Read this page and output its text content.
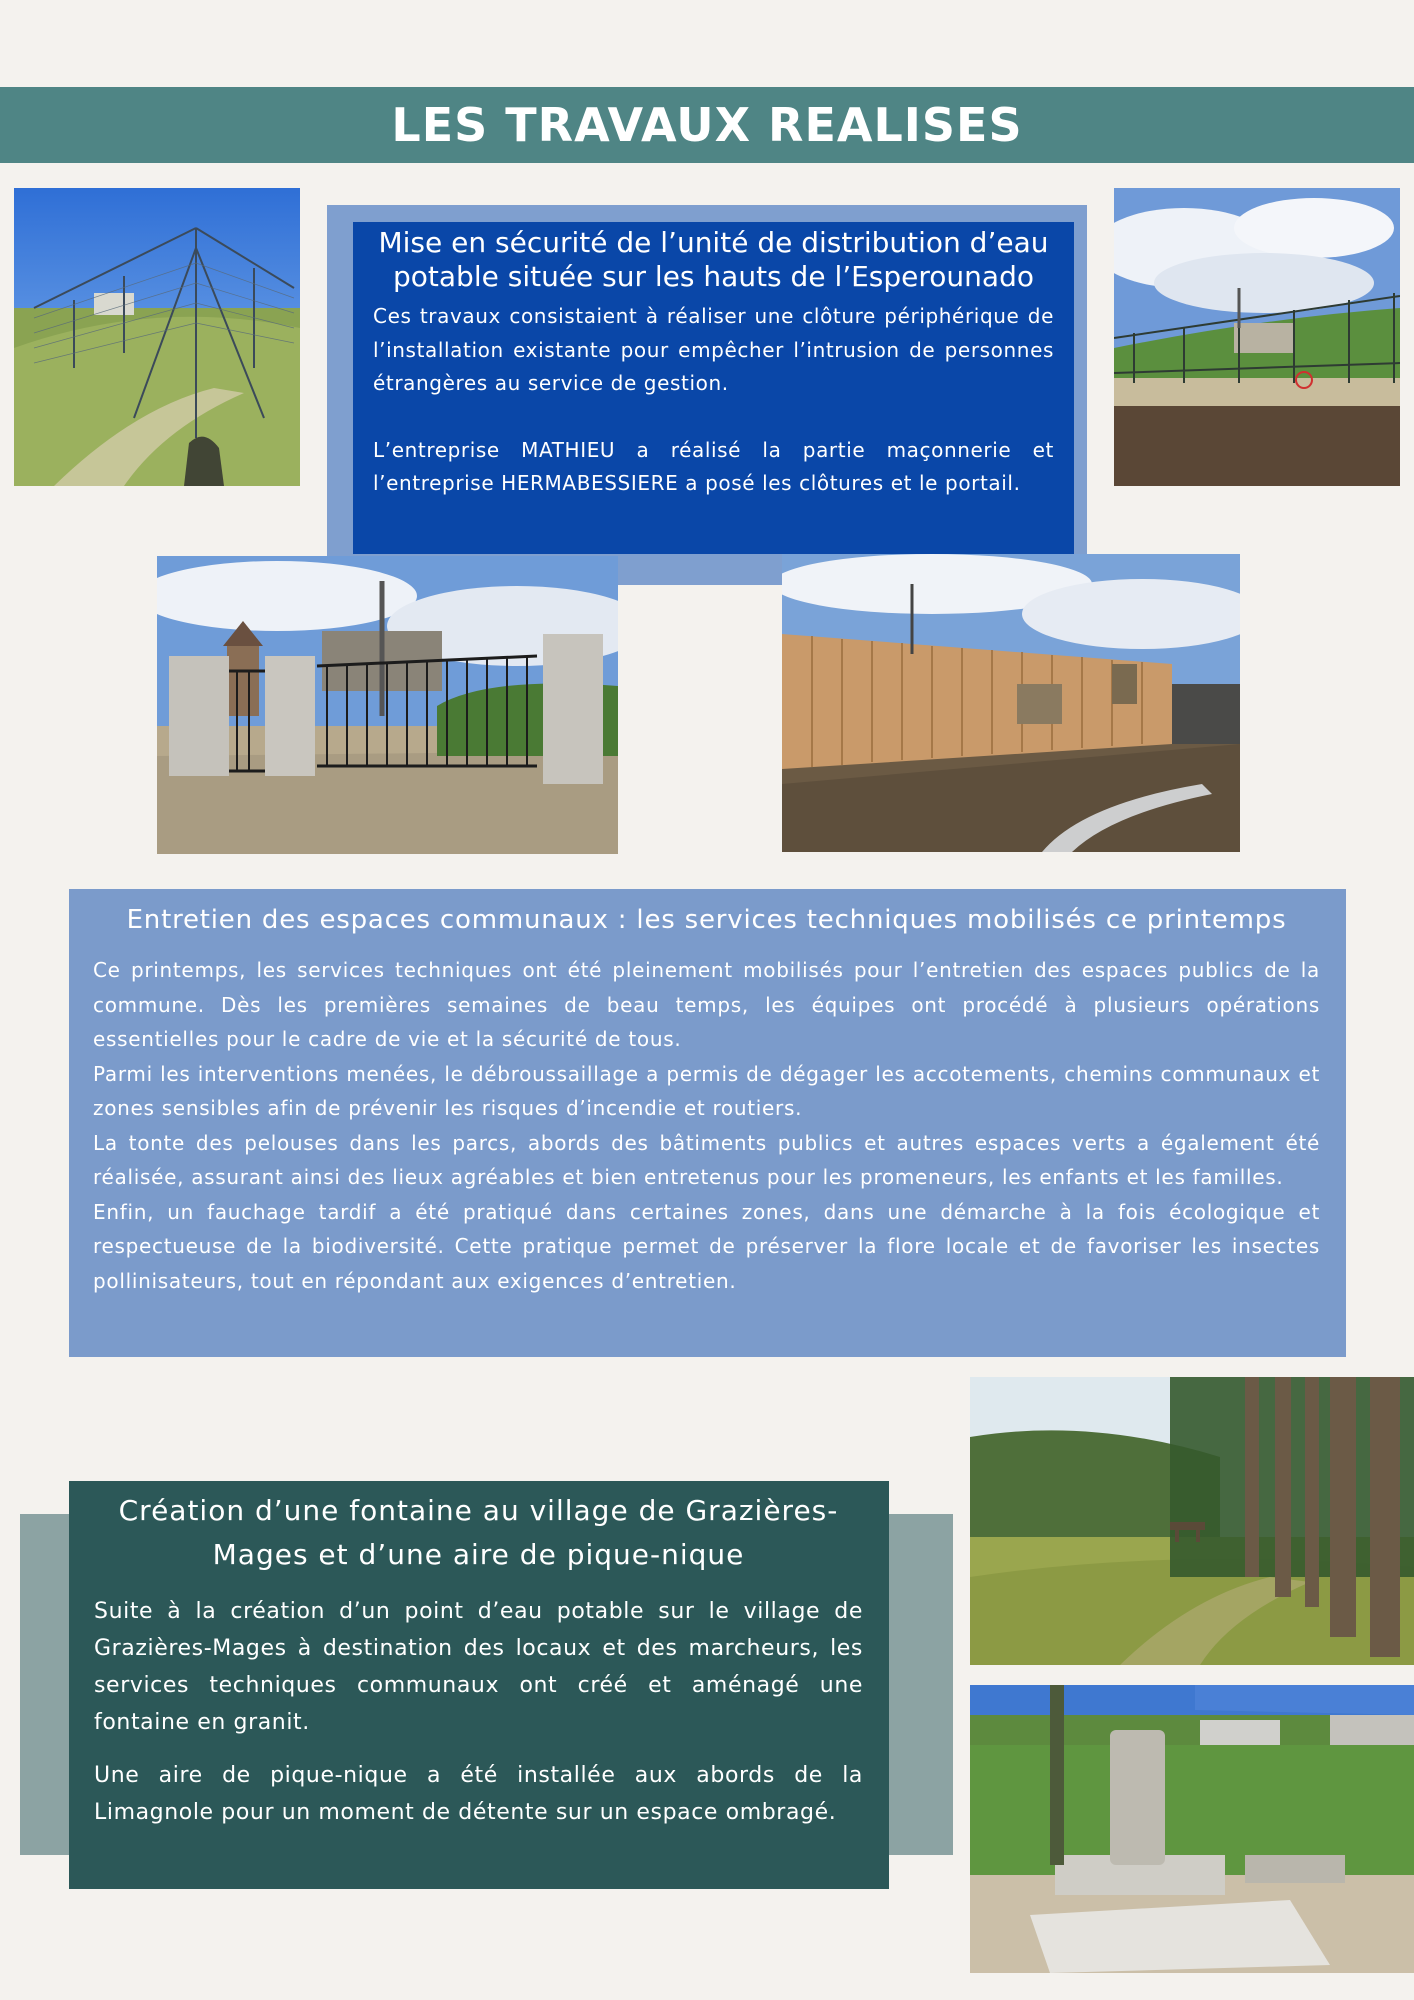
LES TRAVAUX REALISES
Mise en sécurité de l’unité de distribution d’eau potable située sur les hauts de l’Esperounado

Ces travaux consistaient à réaliser une clôture périphérique de l’installation existante pour empêcher l’intrusion de personnes étrangères au service de gestion.

L’entreprise MATHIEU a réalisé la partie maçonnerie et l’entreprise HERMABESSIERE a posé les clôtures et le portail.

Entretien des espaces communaux : les services techniques mobilisés ce printemps

Ce printemps, les services techniques ont été pleinement mobilisés pour l’entretien des espaces publics de la commune. Dès les premières semaines de beau temps, les équipes ont procédé à plusieurs opérations essentielles pour le cadre de vie et la sécurité de tous.

Parmi les interventions menées, le débroussaillage a permis de dégager les accotements, chemins communaux et zones sensibles afin de prévenir les risques d’incendie et routiers.

La tonte des pelouses dans les parcs, abords des bâtiments publics et autres espaces verts a également été réalisée, assurant ainsi des lieux agréables et bien entretenus pour les promeneurs, les enfants et les familles.

Enfin, un fauchage tardif a été pratiqué dans certaines zones, dans une démarche à la fois écologique et respectueuse de la biodiversité. Cette pratique permet de préserver la flore locale et de favoriser les insectes pollinisateurs, tout en répondant aux exigences d’entretien.

Création d’une fontaine au village de Grazières-Mages et d’une aire de pique-nique

Suite à la création d’un point d’eau potable sur le village de Grazières-Mages à destination des locaux et des marcheurs, les services techniques communaux ont créé et aménagé une fontaine en granit.

Une aire de pique-nique a été installée aux abords de la Limagnole pour un moment de détente sur un espace ombragé.
